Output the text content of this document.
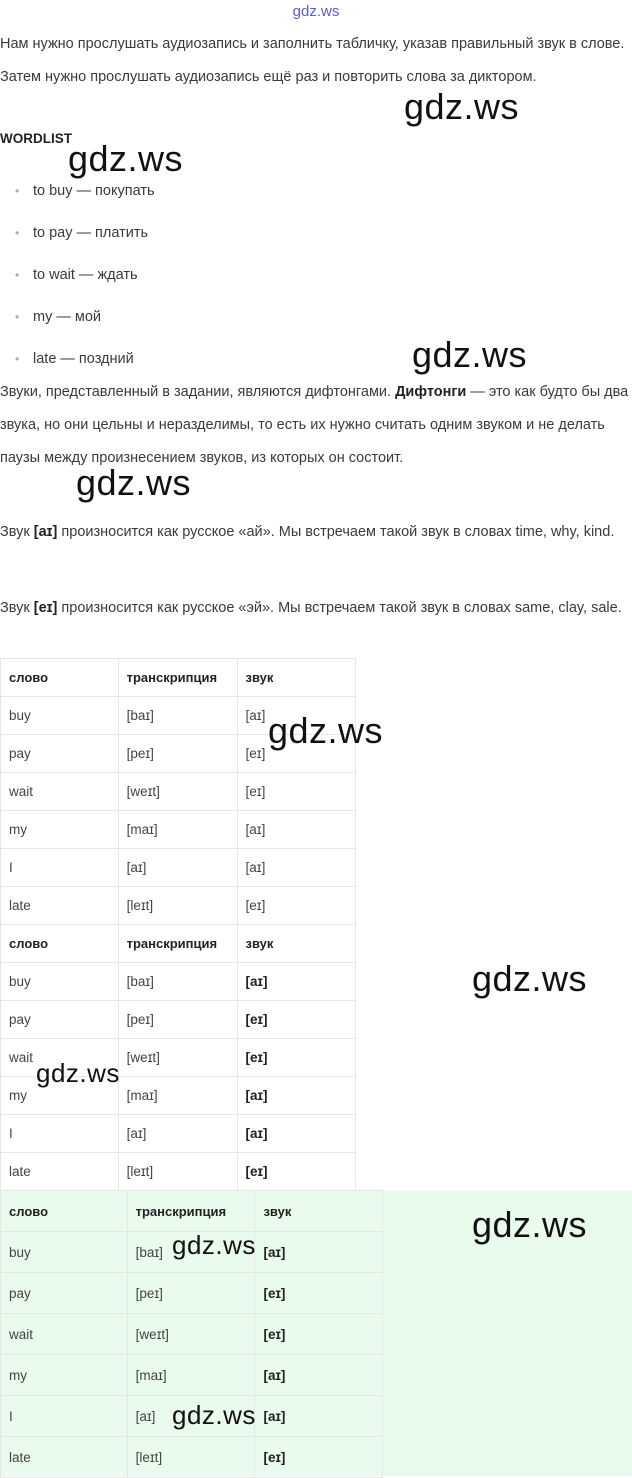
gdz.ws

Нам нужно прослушать аудиозапись и заполнить табличку, указав правильный звук в слове. Затем нужно прослушать аудиозапись ещё раз и повторить слова за диктором.

WORDLIST
• to buy — покупать
• to pay — платить
• to wait — ждать
• my — мой
• late — поздний

Звуки, представленный в задании, являются дифтонгами. Дифтонги — это как будто бы два звука, но они цельны и неразделимы, то есть их нужно считать одним звуком и не делать паузы между произнесением звуков, из которых он состоит.

Звук [aɪ] произносится как русское «ай». Мы встречаем такой звук в словах time, why, kind.

Звук [eɪ] произносится как русское «эй». Мы встречаем такой звук в словах same, clay, sale.

слово	транскрипция	звук
buy	[baɪ]	[aɪ]
pay	[peɪ]	[eɪ]
wait	[weɪt]	[eɪ]
my	[maɪ]	[aɪ]
I	[aɪ]	[aɪ]
late	[leɪt]	[eɪ]
слово	транскрипция	звук
buy	[baɪ]	[aɪ]
pay	[peɪ]	[eɪ]
wait	[weɪt]	[eɪ]
my	[maɪ]	[aɪ]
I	[aɪ]	[aɪ]
late	[leɪt]	[eɪ]
слово	транскрипция	звук
buy	[baɪ]	[aɪ]
pay	[peɪ]	[eɪ]
wait	[weɪt]	[eɪ]
my	[maɪ]	[aɪ]
I	[aɪ]	[aɪ]
late	[leɪt]	[eɪ]
gdz.ws
gdz.ws
gdz.ws
gdz.ws
gdz.ws
gdz.ws
gdz.ws
gdz.ws
gdz.ws
gdz.ws
